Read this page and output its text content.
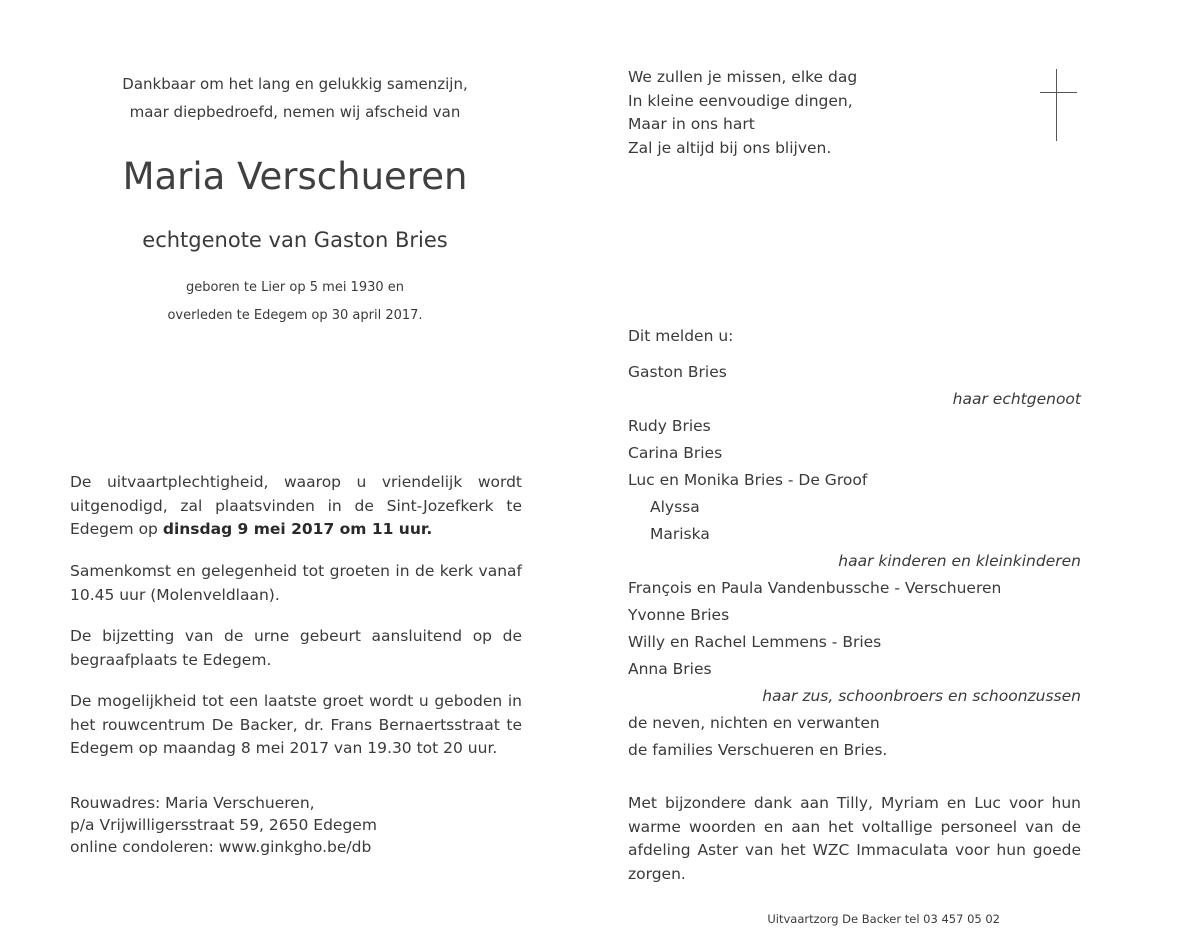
Dankbaar om het lang en gelukkig samenzijn,
maar diepbedroefd, nemen wij afscheid van
Maria Verschueren
echtgenote van Gaston Bries
geboren te Lier op 5 mei 1930 en
overleden te Edegem op 30 april 2017.
De uitvaartplechtigheid, waarop u vriendelijk wordt uitgenodigd, zal plaatsvinden in de Sint-Jozefkerk te Edegem op dinsdag 9 mei 2017 om 11 uur.
Samenkomst en gelegenheid tot groeten in de kerk vanaf 10.45 uur (Molenveldlaan).
De bijzetting van de urne gebeurt aansluitend op de begraafplaats te Edegem.
De mogelijkheid tot een laatste groet wordt u geboden in het rouwcentrum De Backer, dr. Frans Bernaertsstraat te Edegem op maandag 8 mei 2017 van 19.30 tot 20 uur.
Rouwadres: Maria Verschueren,
p/a Vrijwilligersstraat 59, 2650 Edegem
online condoleren: www.ginkgho.be/db
We zullen je missen, elke dag
In kleine eenvoudige dingen,
Maar in ons hart
Zal je altijd bij ons blijven.
Dit melden u:
Gaston Bries
haar echtgenoot
Rudy Bries
Carina Bries
Luc en Monika Bries - De Groof
Alyssa
Mariska
haar kinderen en kleinkinderen
François en Paula Vandenbussche - Verschueren
Yvonne Bries
Willy en Rachel Lemmens - Bries
Anna Bries
haar zus, schoonbroers en schoonzussen
de neven, nichten en verwanten
de families Verschueren en Bries.
Met bijzondere dank aan Tilly, Myriam en Luc voor hun warme woorden en aan het voltallige personeel van de afdeling Aster van het WZC Immaculata voor hun goede zorgen.
Uitvaartzorg De Backer tel 03 457 05 02
